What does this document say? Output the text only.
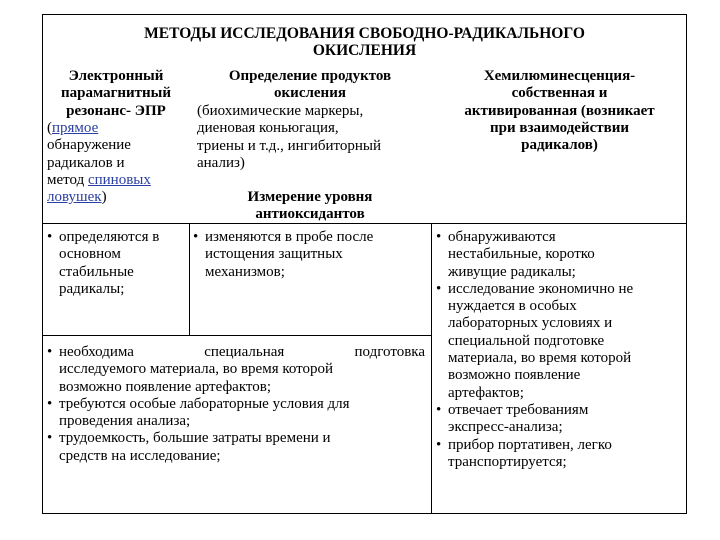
МЕТОДЫ ИССЛЕДОВАНИЯ СВОБОДНО-РАДИКАЛЬНОГО
ОКИСЛЕНИЯ
Электронный
парамагнитный
резонанс- ЭПР
(прямое
обнаружение
радикалов и
метод спиновых
ловушек)
Определение продуктов
окисления
(биохимические маркеры,
диеновая коньюгация,
триены и т.д., ингибиторный
анализ)
Измерение уровня
антиоксидантов
Хемилюминесценция-
собственная и
активированная (возникает
при взаимодействии
радикалов)
• определяются в
основном
стабильные
радикалы;
• изменяются в пробе после
истощения защитных
механизмов;
• обнаруживаются
нестабильные, коротко
живущие радикалы;
• исследование экономично не
нуждается в особых
лабораторных условиях и
специальной подготовке
материала, во время которой
возможно появление
артефактов;
• отвечает требованиям
экспресс-анализа;
• прибор портативен, легко
транспортируется;
• необходима	специальная	подготовка
исследуемого материала, во время которой
возможно появление артефактов;
• требуются особые лабораторные условия для
проведения анализа;
• трудоемкость, большие затраты времени и
средств на исследование;
